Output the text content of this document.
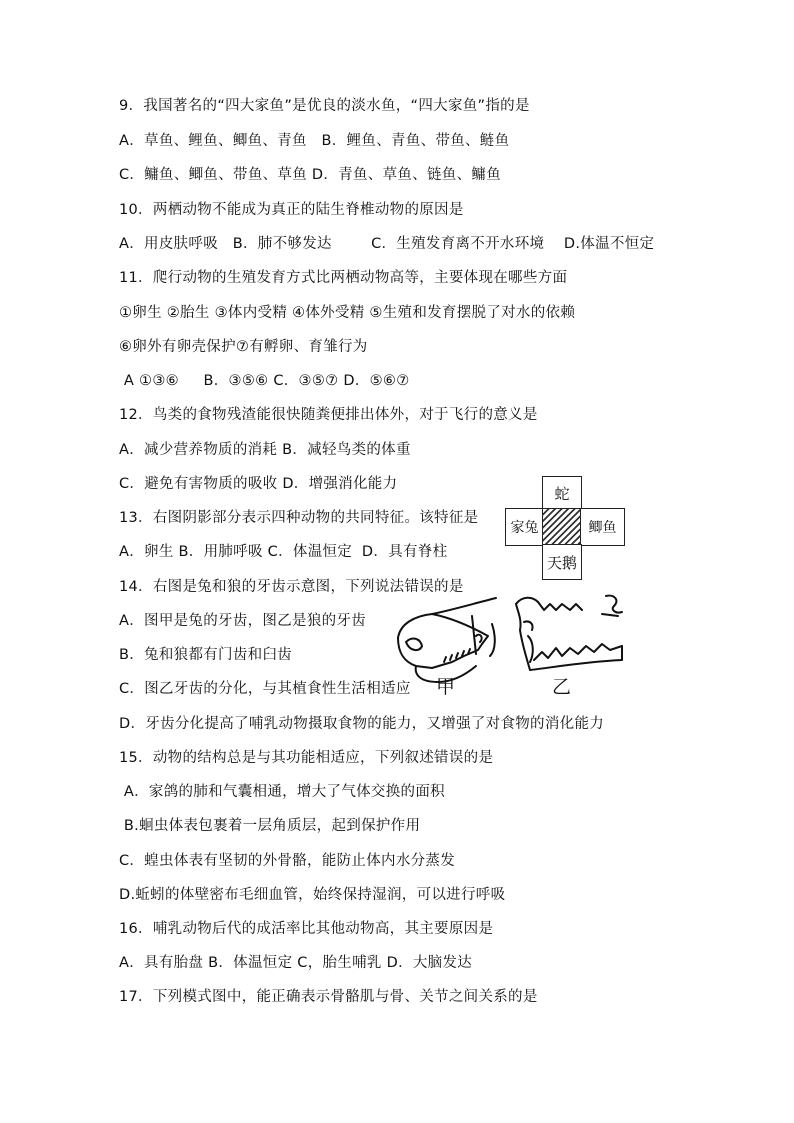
9．我国著名的“四大家鱼”是优良的淡水鱼，“四大家鱼”指的是
A．草鱼、鲤鱼、鲫鱼、青鱼   B．鲤鱼、青鱼、带鱼、鲢鱼
C．鳙鱼、鲫鱼、带鱼、草鱼 D．青鱼、草鱼、链鱼、鳙鱼
10．两栖动物不能成为真正的陆生脊椎动物的原因是
A．用皮肤呼吸   B．肺不够发达        C．生殖发育离不开水环境    D.体温不恒定
11．爬行动物的生殖发育方式比两栖动物高等，主要体现在哪些方面
①卵生 ②胎生 ③体内受精 ④体外受精 ⑤生殖和发育摆脱了对水的依赖
⑥卵外有卵壳保护⑦有孵卵、育雏行为
A ①③⑥     B．③⑤⑥ C．③⑤⑦ D．⑤⑥⑦
12．鸟类的食物残渣能很快随粪便排出体外，对于飞行的意义是
A．减少营养物质的消耗 B．减轻鸟类的体重
C．避免有害物质的吸收 D．增强消化能力
13．右图阴影部分表示四种动物的共同特征。该特征是
A．卵生 B．用肺呼吸 C．体温恒定  D．具有脊柱
14．右图是兔和狼的牙齿示意图，下列说法错误的是
A．图甲是兔的牙齿，图乙是狼的牙齿
B．兔和狼都有门齿和臼齿
C．图乙牙齿的分化，与其植食性生活相适应
D．牙齿分化提高了哺乳动物摄取食物的能力，又增强了对食物的消化能力
15．动物的结构总是与其功能相适应，下列叙述错误的是
A．家鸽的肺和气囊相通，增大了气体交换的面积
B.蛔虫体表包裹着一层角质层，起到保护作用
C．蝗虫体表有坚韧的外骨骼，能防止体内水分蒸发
D.蚯蚓的体壁密布毛细血管，始终保持湿润，可以进行呼吸
16．哺乳动物后代的成活率比其他动物高，其主要原因是
A．具有胎盘 B．体温恒定 C，胎生哺乳 D．大脑发达
17．下列模式图中，能正确表示骨骼肌与骨、关节之间关系的是
蛇
家兔	鲫鱼
天鹅
甲	乙
